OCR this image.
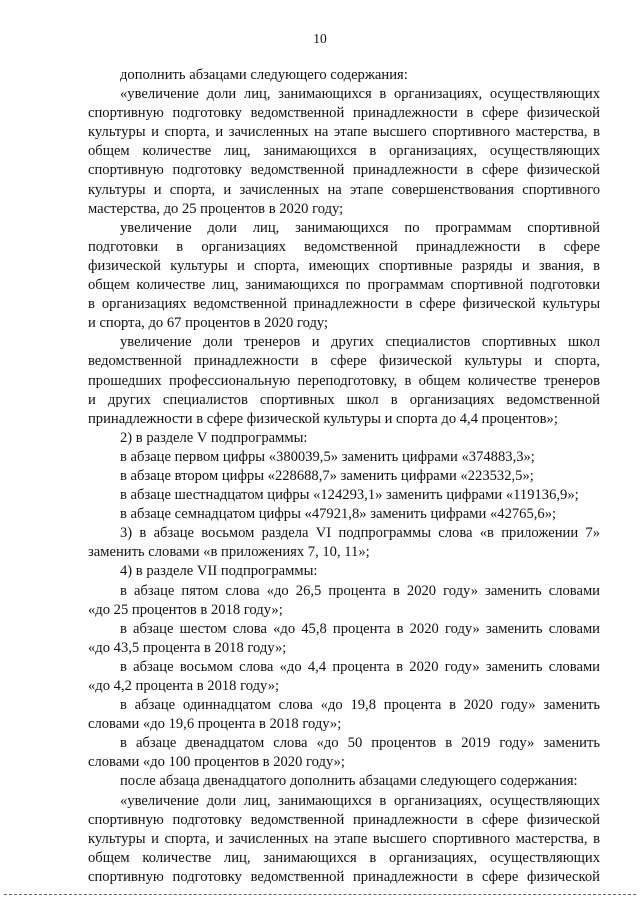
10
дополнить абзацами следующего содержания:
«увеличение доли лиц, занимающихся в организациях, осуществляющих
спортивную подготовку ведомственной принадлежности в сфере физической
культуры и спорта, и зачисленных на этапе высшего спортивного мастерства, в
общем количестве лиц, занимающихся в организациях, осуществляющих
спортивную подготовку ведомственной принадлежности в сфере физической
культуры и спорта, и зачисленных на этапе совершенствования спортивного
мастерства, до 25 процентов в 2020 году;
увеличение доли лиц, занимающихся по программам спортивной
подготовки в организациях ведомственной принадлежности в сфере
физической культуры и спорта, имеющих спортивные разряды и звания, в
общем количестве лиц, занимающихся по программам спортивной подготовки
в организациях ведомственной принадлежности в сфере физической культуры
и спорта, до 67 процентов в 2020 году;
увеличение доли тренеров и других специалистов спортивных школ
ведомственной принадлежности в сфере физической культуры и спорта,
прошедших профессиональную переподготовку, в общем количестве тренеров
и других специалистов спортивных школ в организациях ведомственной
принадлежности в сфере физической культуры и спорта до 4,4 процентов»;
2) в разделе V подпрограммы:
в абзаце первом цифры «380039,5» заменить цифрами «374883,3»;
в абзаце втором цифры «228688,7» заменить цифрами «223532,5»;
в абзаце шестнадцатом цифры «124293,1» заменить цифрами «119136,9»;
в абзаце семнадцатом цифры «47921,8» заменить цифрами «42765,6»;
3) в абзаце восьмом раздела VI подпрограммы слова «в приложении 7»
заменить словами «в приложениях 7, 10, 11»;
4) в разделе VII подпрограммы:
в абзаце пятом слова «до 26,5 процента в 2020 году» заменить словами
«до 25 процентов в 2018 году»;
в абзаце шестом слова «до 45,8 процента в 2020 году» заменить словами
«до 43,5 процента в 2018 году»;
в абзаце восьмом слова «до 4,4 процента в 2020 году» заменить словами
«до 4,2 процента в 2018 году»;
в абзаце одиннадцатом слова «до 19,8 процента в 2020 году» заменить
словами «до 19,6 процента в 2018 году»;
в абзаце двенадцатом слова «до 50 процентов в 2019 году» заменить
словами «до 100 процентов в 2020 году»;
после абзаца двенадцатого дополнить абзацами следующего содержания:
«увеличение доли лиц, занимающихся в организациях, осуществляющих
спортивную подготовку ведомственной принадлежности в сфере физической
культуры и спорта, и зачисленных на этапе высшего спортивного мастерства, в
общем количестве лиц, занимающихся в организациях, осуществляющих
спортивную подготовку ведомственной принадлежности в сфере физической
